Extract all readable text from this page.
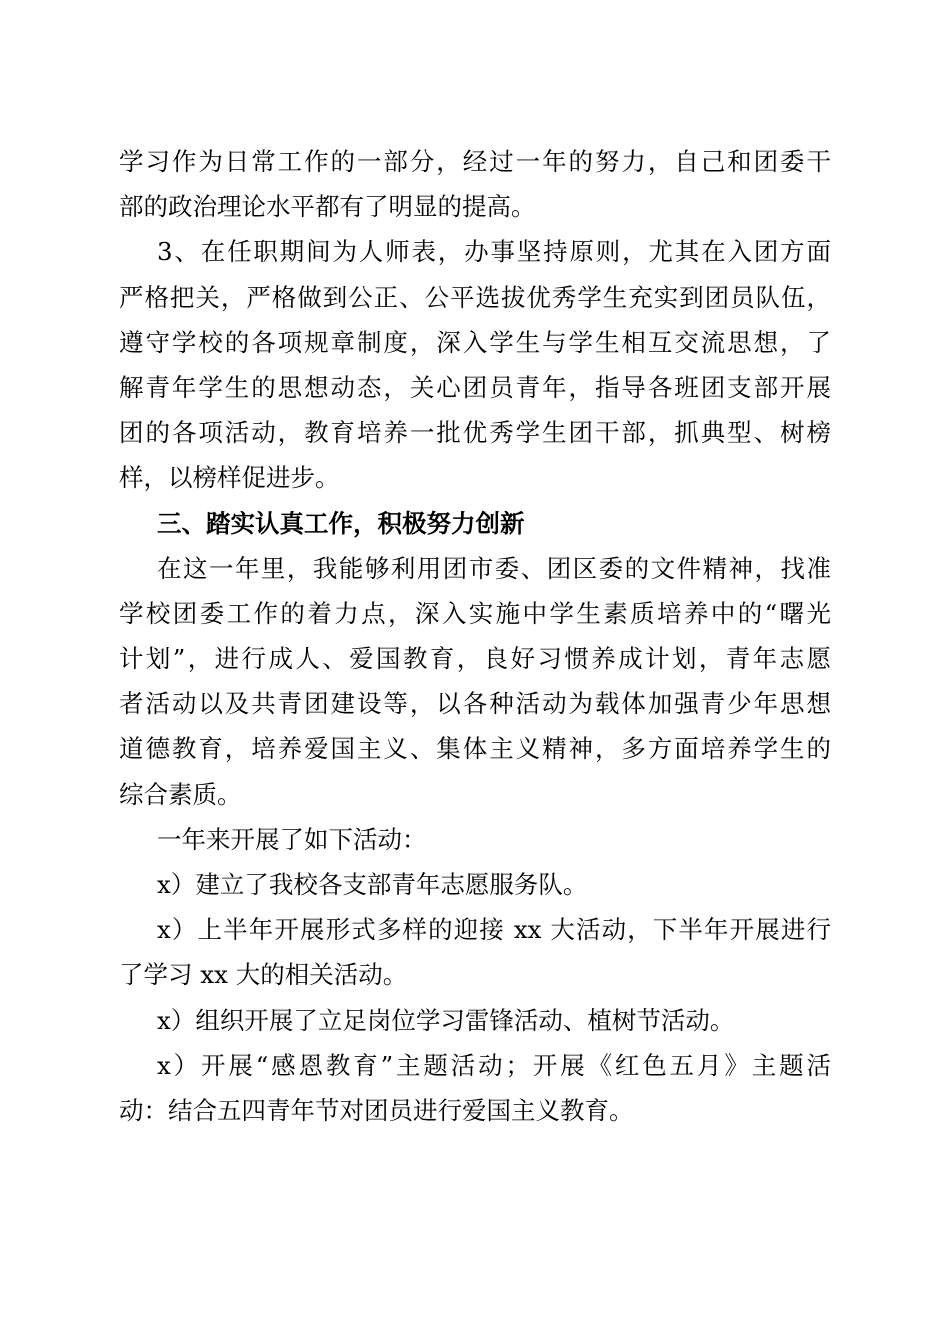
学习作为日常工作的一部分，经过一年的努力，自己和团委干
部的政治理论水平都有了明显的提高。
3、在任职期间为人师表，办事坚持原则，尤其在入团方面
严格把关，严格做到公正、公平选拔优秀学生充实到团员队伍，
遵守学校的各项规章制度，深入学生与学生相互交流思想，了
解青年学生的思想动态，关心团员青年，指导各班团支部开展
团的各项活动，教育培养一批优秀学生团干部，抓典型、树榜
样，以榜样促进步。
三、踏实认真工作，积极努力创新
在这一年里，我能够利用团市委、团区委的文件精神，找准
学校团委工作的着力点，深入实施中学生素质培养中的“曙光
计划”，进行成人、爱国教育，良好习惯养成计划，青年志愿
者活动以及共青团建设等，以各种活动为载体加强青少年思想
道德教育，培养爱国主义、集体主义精神，多方面培养学生的
综合素质。
一年来开展了如下活动：
x）建立了我校各支部青年志愿服务队。
x）上半年开展形式多样的迎接 xx 大活动，下半年开展进行
了学习 xx 大的相关活动。
x）组织开展了立足岗位学习雷锋活动、植树节活动。
x）开展“感恩教育”主题活动；开展《红色五月》主题活
动：结合五四青年节对团员进行爱国主义教育。
